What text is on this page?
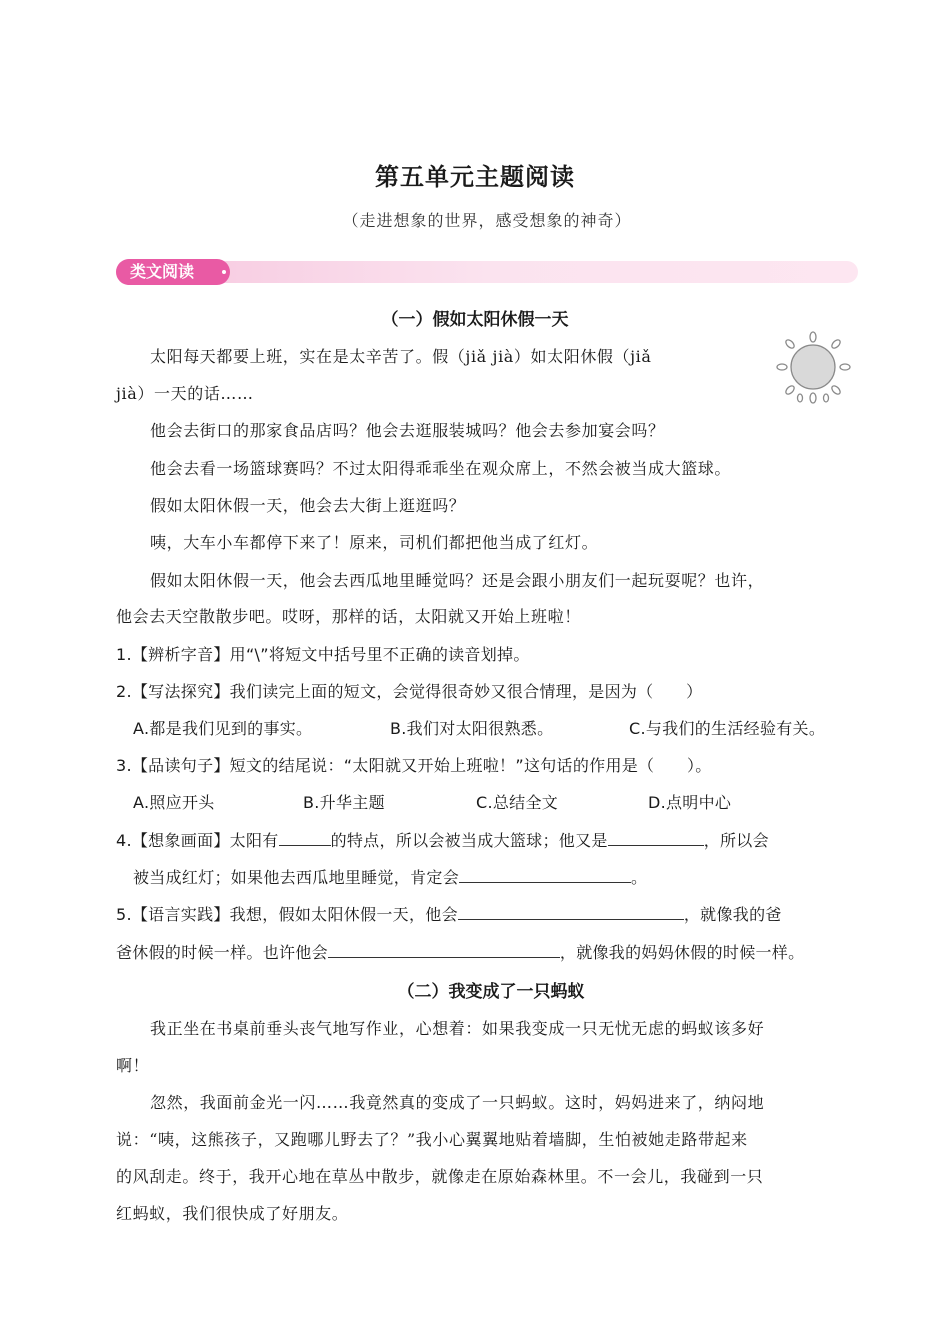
第五单元主题阅读
（走进想象的世界，感受想象的神奇）
类文阅读
（一）假如太阳休假一天
太阳每天都要上班，实在是太辛苦了。假（jiǎ jià）如太阳休假（jiǎ
jià）一天的话……
他会去街口的那家食品店吗？他会去逛服装城吗？他会去参加宴会吗？
他会去看一场篮球赛吗？不过太阳得乖乖坐在观众席上，不然会被当成大篮球。
假如太阳休假一天，他会去大街上逛逛吗？
咦，大车小车都停下来了！原来，司机们都把他当成了红灯。
假如太阳休假一天，他会去西瓜地里睡觉吗？还是会跟小朋友们一起玩耍呢？也许，
他会去天空散散步吧。哎呀，那样的话，太阳就又开始上班啦！
1.【辨析字音】用“\”将短文中括号里不正确的读音划掉。
2.【写法探究】我们读完上面的短文，会觉得很奇妙又很合情理，是因为（　　）
A.都是我们见到的事实。	B.我们对太阳很熟悉。	C.与我们的生活经验有关。
3.【品读句子】短文的结尾说：“太阳就又开始上班啦！”这句话的作用是（　　）。
A.照应开头	B.升华主题	C.总结全文	D.点明中心
4.【想象画面】太阳有	的特点，所以会被当成大篮球；他又是	，所以会
被当成红灯；如果他去西瓜地里睡觉，肯定会	。
5.【语言实践】我想，假如太阳休假一天，他会	，就像我的爸
爸休假的时候一样。也许他会	，就像我的妈妈休假的时候一样。
（二）我变成了一只蚂蚁
我正坐在书桌前垂头丧气地写作业，心想着：如果我变成一只无忧无虑的蚂蚁该多好
啊！
忽然，我面前金光一闪……我竟然真的变成了一只蚂蚁。这时，妈妈进来了，纳闷地
说：“咦，这熊孩子，又跑哪儿野去了？”我小心翼翼地贴着墙脚，生怕被她走路带起来
的风刮走。终于，我开心地在草丛中散步，就像走在原始森林里。不一会儿，我碰到一只
红蚂蚁，我们很快成了好朋友。
